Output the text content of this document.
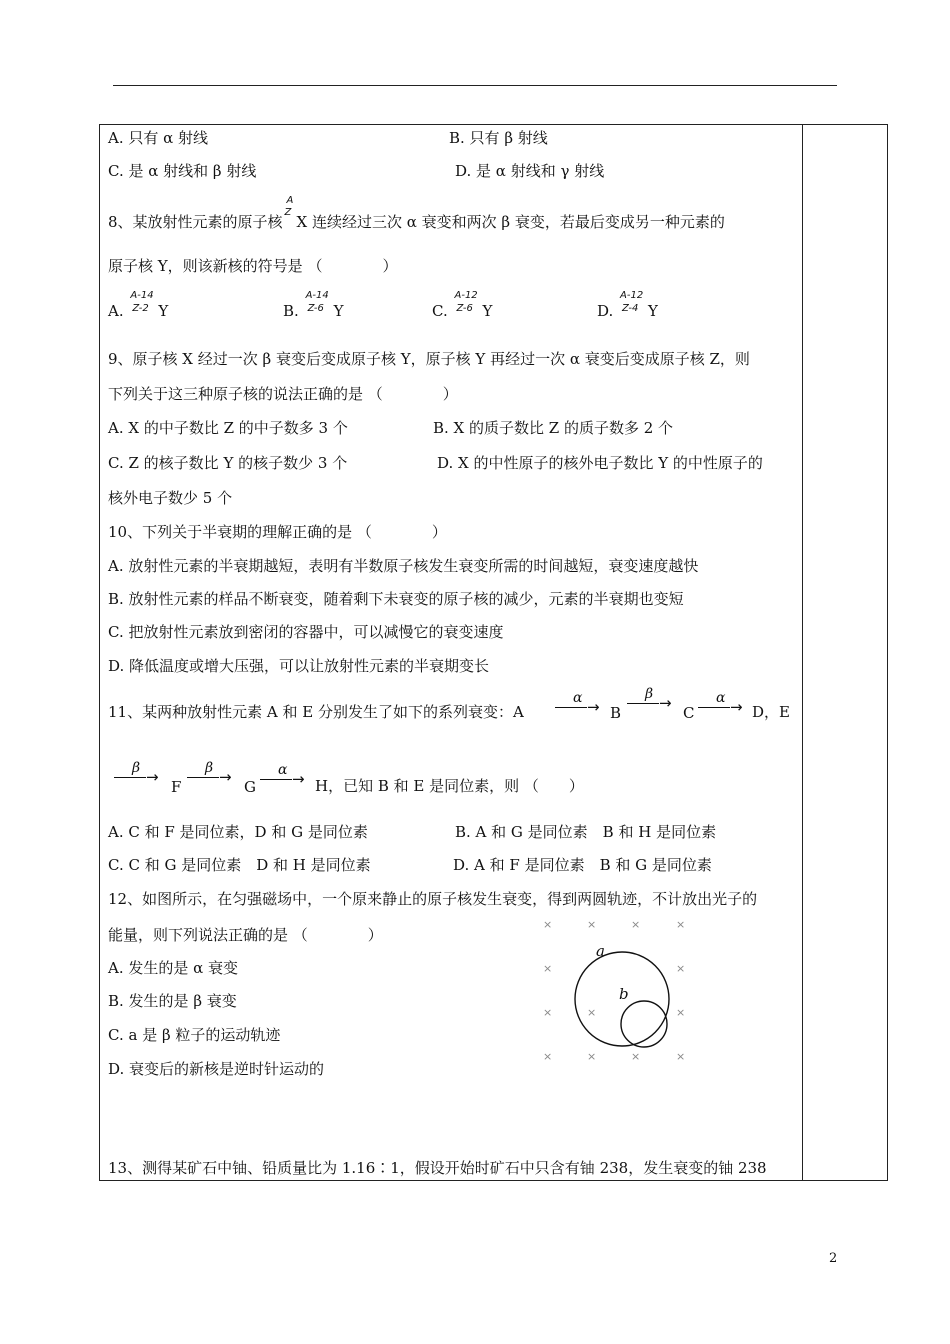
A. 只有 α 射线	B. 只有 β 射线
C. 是 α 射线和 β 射线	D. 是 α 射线和 γ 射线
8、某放射性元素的原子核
A
Z
X 连续经过三次 α 衰变和两次 β 衰变，若最后变成另一种元素的
原子核 Y，则该新核的符号是 （　　　　）
A.
A-14
Z-2 Y	B.
A-14
Z-6 Y	C.
A-12
Z-6 Y	D.
A-12
Z-4 Y
9、原子核 X 经过一次 β 衰变后变成原子核 Y，原子核 Y 再经过一次 α 衰变后变成原子核 Z，则
下列关于这三种原子核的说法正确的是 （　　　　）
A. X 的中子数比 Z 的中子数多 3 个	B. X 的质子数比 Z 的质子数多 2 个
C. Z 的核子数比 Y 的核子数少 3 个	D. X 的中性原子的核外电子数比 Y 的中性原子的
核外电子数少 5 个
10、下列关于半衰期的理解正确的是 （　　　　）
A. 放射性元素的半衰期越短，表明有半数原子核发生衰变所需的时间越短，衰变速度越快
B. 放射性元素的样品不断衰变，随着剩下未衰变的原子核的减少，元素的半衰期也变短
C. 把放射性元素放到密闭的容器中，可以减慢它的衰变速度
D. 降低温度或增大压强，可以让放射性元素的半衰期变长
11、某两种放射性元素 A 和 E 分别发生了如下的系列衰变：A
α → B
β →
C
α → D，E
β →
F
β →
G
α → H，已知 B 和 E 是同位素，则 （　　）
A. C 和 F 是同位素，D 和 G 是同位素	B. A 和 G 是同位素　B 和 H 是同位素
C. C 和 G 是同位素　D 和 H 是同位素	D. A 和 F 是同位素　B 和 G 是同位素
12、如图所示，在匀强磁场中，一个原来静止的原子核发生衰变，得到两圆轨迹，不计放出光子的
能量，则下列说法正确的是 （　　　　）
A. 发生的是 α 衰变
B. 发生的是 β 衰变
C. a 是 β 粒子的运动轨迹
D. 衰变后的新核是逆时针运动的
×	×	×	×
×	×
×	×	×
×	×	×	×
a
b
13、测得某矿石中铀、铅质量比为 1.16∶1，假设开始时矿石中只含有铀 238，发生衰变的铀 238
2
